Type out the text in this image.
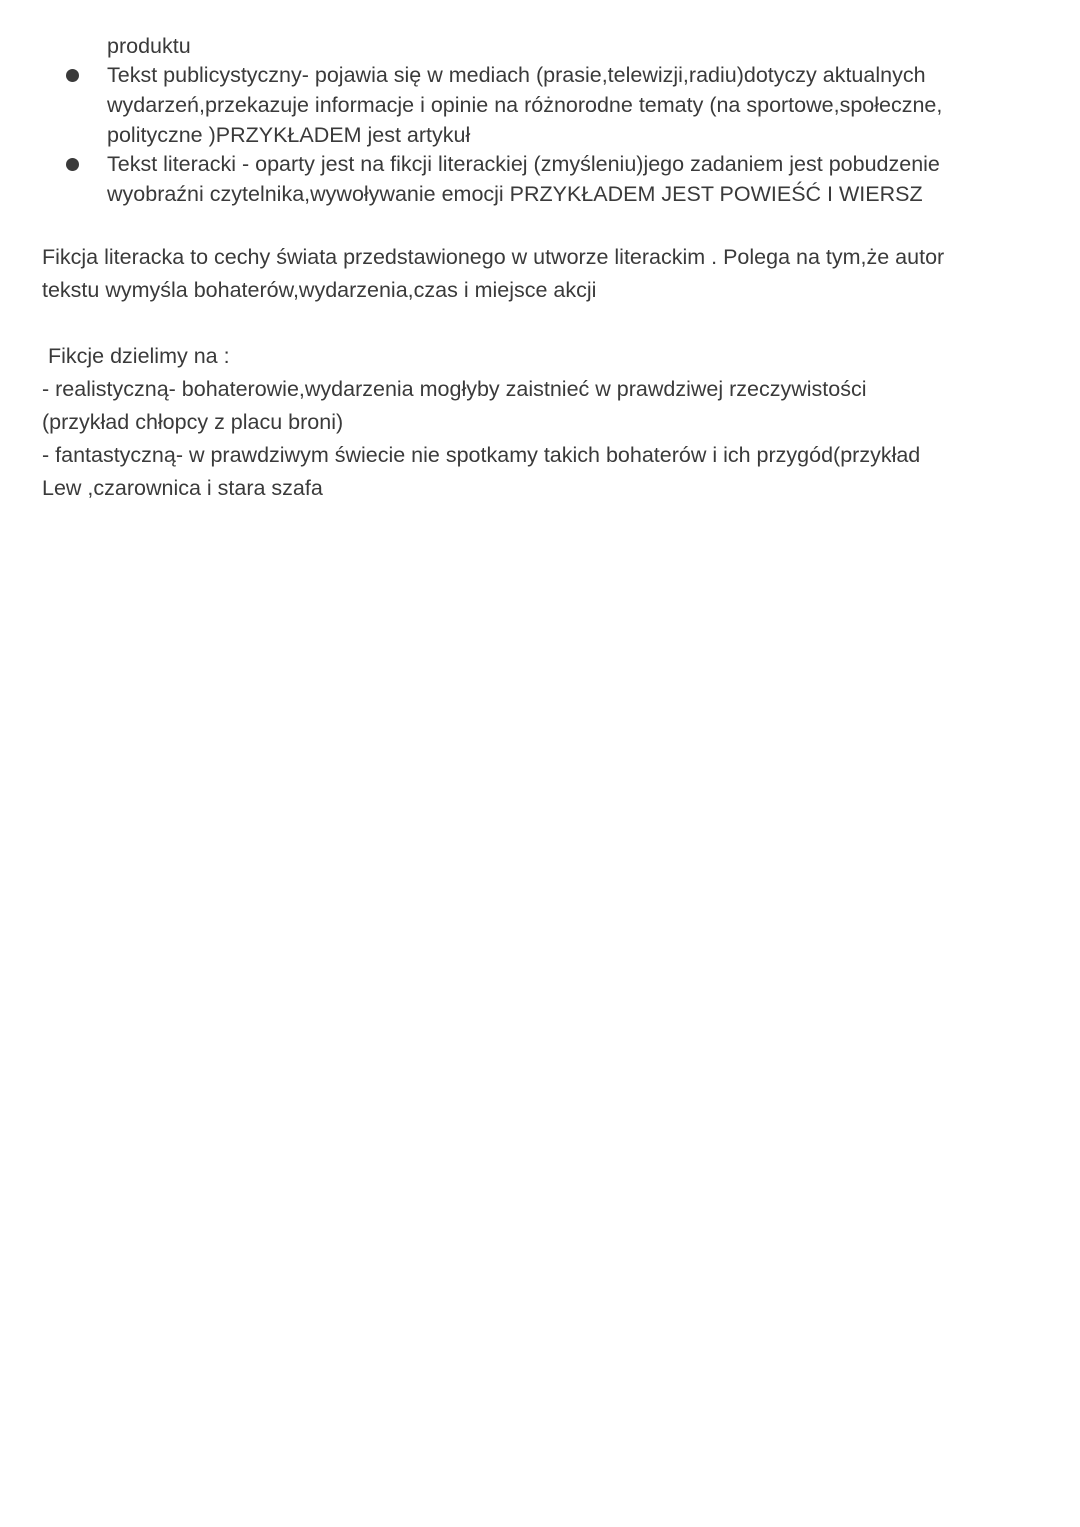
produktu
Tekst publicystyczny- pojawia się w mediach (prasie,telewizji,radiu)dotyczy aktualnych
wydarzeń,przekazuje informacje i opinie na różnorodne tematy (na sportowe,społeczne,
polityczne )PRZYKŁADEM jest artykuł
Tekst literacki - oparty jest na fikcji literackiej (zmyśleniu)jego zadaniem jest pobudzenie
wyobraźni czytelnika,wywoływanie emocji PRZYKŁADEM JEST POWIEŚĆ I WIERSZ
Fikcja literacka to cechy świata przedstawionego w utworze literackim . Polega na tym,że autor
tekstu wymyśla bohaterów,wydarzenia,czas i miejsce akcji
Fikcje dzielimy na :
- realistyczną- bohaterowie,wydarzenia mogłyby zaistnieć w prawdziwej rzeczywistości
(przykład chłopcy z placu broni)
- fantastyczną- w prawdziwym świecie nie spotkamy takich bohaterów i ich przygód(przykład
Lew ,czarownica i stara szafa
